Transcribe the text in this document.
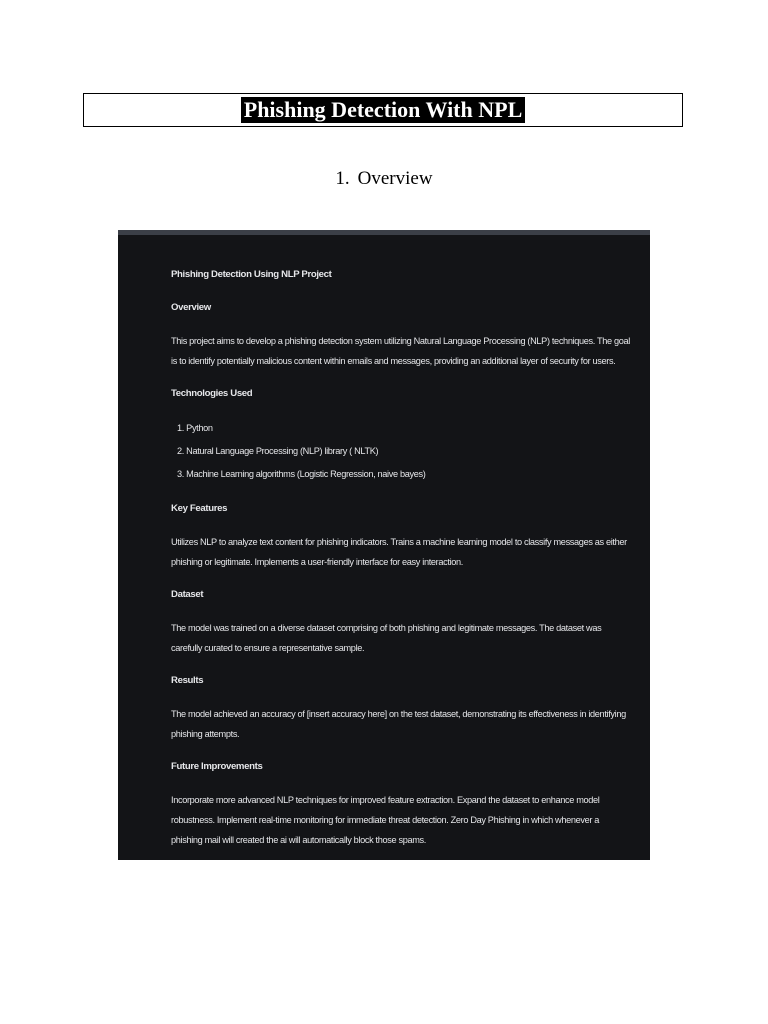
Phishing Detection With NPL
1. Overview

Phishing Detection Using NLP Project

Overview

This project aims to develop a phishing detection system utilizing Natural Language Processing (NLP) techniques. The goal is to identify potentially malicious content within emails and messages, providing an additional layer of security for users.

Technologies Used

1. Python
2. Natural Language Processing (NLP) library ( NLTK)
3. Machine Learning algorithms (Logistic Regression, naive bayes)

Key Features

Utilizes NLP to analyze text content for phishing indicators. Trains a machine learning model to classify messages as either phishing or legitimate. Implements a user-friendly interface for easy interaction.

Dataset

The model was trained on a diverse dataset comprising of both phishing and legitimate messages. The dataset was carefully curated to ensure a representative sample.

Results

The model achieved an accuracy of [insert accuracy here] on the test dataset, demonstrating its effectiveness in identifying phishing attempts.

Future Improvements

Incorporate more advanced NLP techniques for improved feature extraction. Expand the dataset to enhance model robustness. Implement real-time monitoring for immediate threat detection. Zero Day Phishing in which whenever a phishing mail will created the ai will automatically block those spams.
